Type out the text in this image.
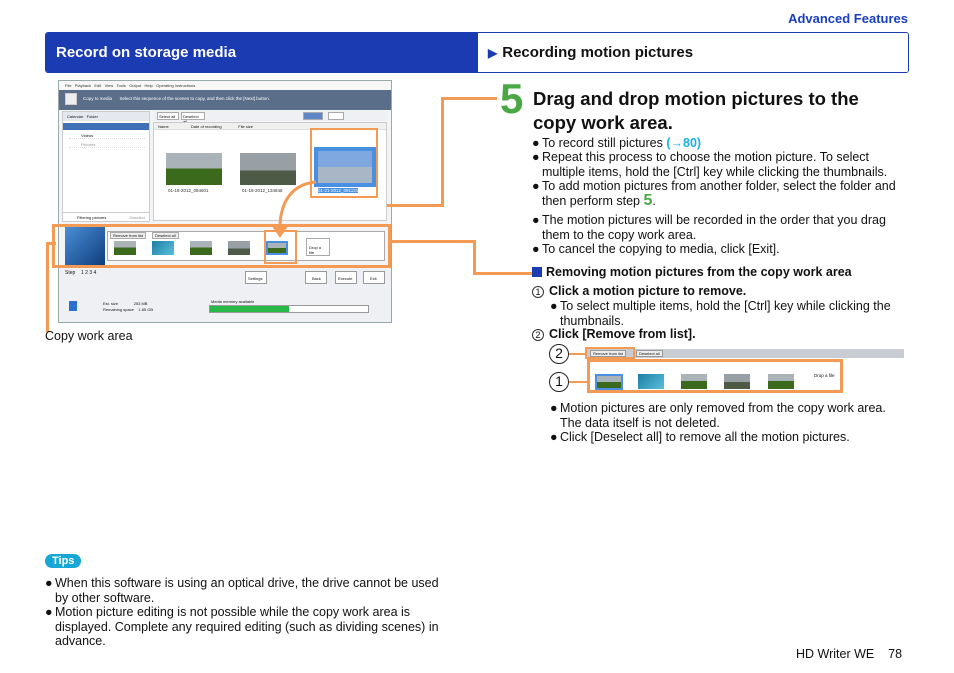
Advanced Features
Record on storage media	▶ Recording motion pictures
File Playback Edit View Tools Output Help Operating Instructions
Copy to media Select this sequence of the scenes to copy, and then click the [Next] button.
Calendar Folder
All files
Videos
Pictures
Filtering pictures	Deselect
Select all	Deselect
Name	Date of recording	File size
01-18-2012_084601	01-18-2012_134848	01-21-2012_091131
Remove from list	Deselect all
Drop a file
Step 1 2 3 4
Settings	Back	Execute	Exit
Est. size	253 MB
Remaining space 1.65 GB
Media memory available
Copy work area
5 Drag and drop motion pictures to the copy work area.
● To record still pictures (→80)
● Repeat this process to choose the motion picture. To select multiple items, hold the [Ctrl] key while clicking the thumbnails.
● To add motion pictures from another folder, select the folder and then perform step 5.
● The motion pictures will be recorded in the order that you drag them to the copy work area.
● To cancel the copying to media, click [Exit].
Removing motion pictures from the copy work area
1 Click a motion picture to remove.
● To select multiple items, hold the [Ctrl] key while clicking the thumbnails.
2 Click [Remove from list].
Remove from list	Deselect all
Drop a file
2
1
● Motion pictures are only removed from the copy work area. The data itself is not deleted.
● Click [Deselect all] to remove all the motion pictures.
Tips
● When this software is using an optical drive, the drive cannot be used by other software.
● Motion picture editing is not possible while the copy work area is displayed. Complete any required editing (such as dividing scenes) in advance.
HD Writer WE 78
